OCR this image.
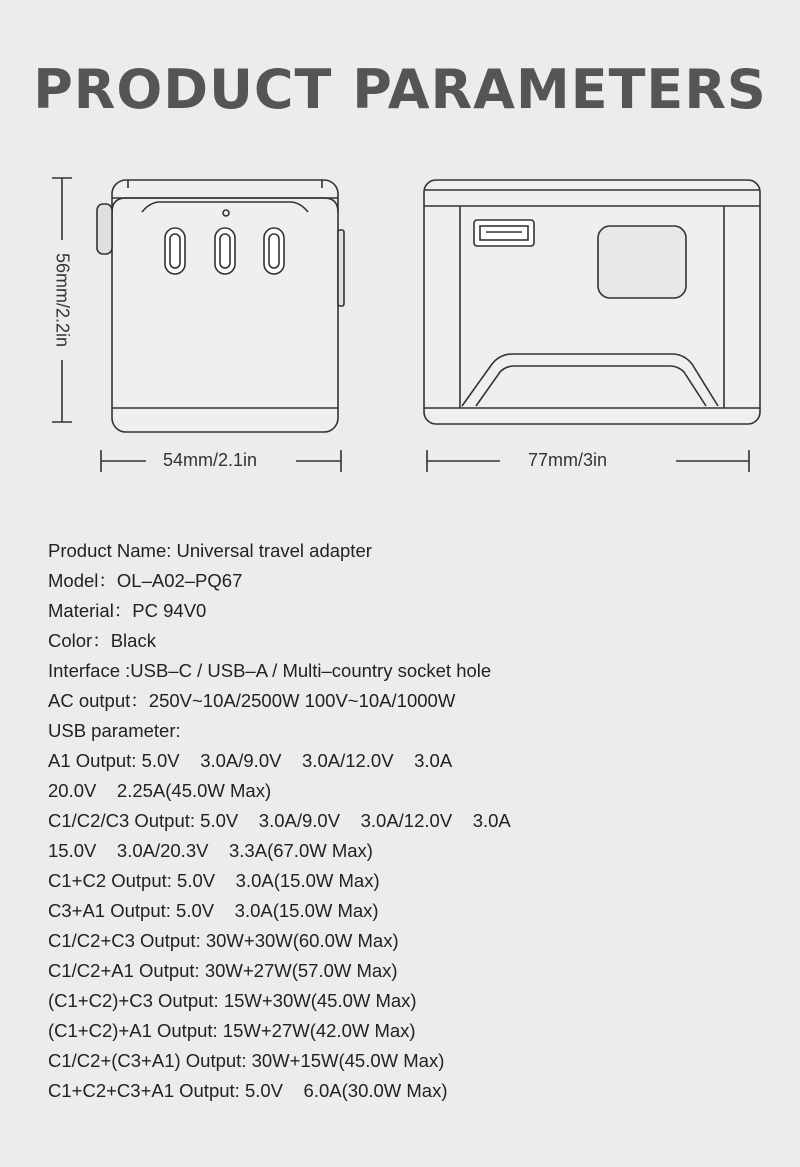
PRODUCT PARAMETERS
56mm/2.2in
54mm/2.1in	77mm/3in
Product Name: Universal travel adapter
Model：OL–A02–PQ67
Material：PC 94V0
Color：Black
Interface :USB–C / USB–A / Multi–country socket hole
AC output：250V~10A/2500W 100V~10A/1000W
USB parameter:
A1 Output: 5.0V    3.0A/9.0V    3.0A/12.0V    3.0A
20.0V    2.25A(45.0W Max)
C1/C2/C3 Output: 5.0V    3.0A/9.0V    3.0A/12.0V    3.0A
15.0V    3.0A/20.3V    3.3A(67.0W Max)
C1+C2 Output: 5.0V    3.0A(15.0W Max)
C3+A1 Output: 5.0V    3.0A(15.0W Max)
C1/C2+C3 Output: 30W+30W(60.0W Max)
C1/C2+A1 Output: 30W+27W(57.0W Max)
(C1+C2)+C3 Output: 15W+30W(45.0W Max)
(C1+C2)+A1 Output: 15W+27W(42.0W Max)
C1/C2+(C3+A1) Output: 30W+15W(45.0W Max)
C1+C2+C3+A1 Output: 5.0V    6.0A(30.0W Max)
